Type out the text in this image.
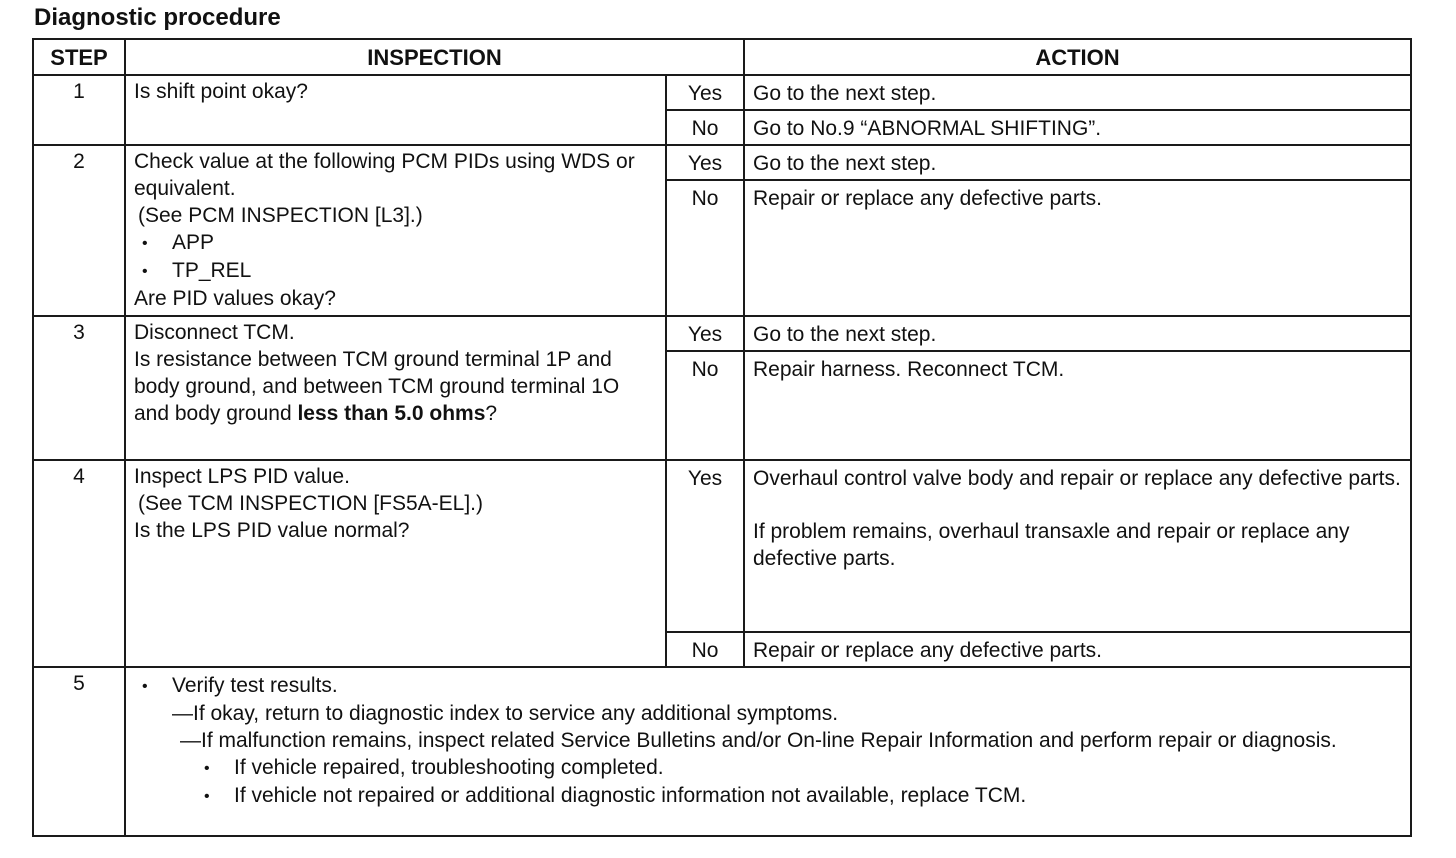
Diagnostic procedure
STEP	INSPECTION		ACTION
1	Is shift point okay?	Yes	Go to the next step.
		No	Go to No.9 “ABNORMAL SHIFTING”.
2	Check value at the following PCM PIDs using WDS or equivalent.
(See PCM INSPECTION [L3].)
• APP
• TP_REL
Are PID values okay?	Yes	Go to the next step.
		No	Repair or replace any defective parts.
3	Disconnect TCM.
Is resistance between TCM ground terminal 1P and body ground, and between TCM ground terminal 1O and body ground less than 5.0 ohms?	Yes	Go to the next step.
		No	Repair harness. Reconnect TCM.
4	Inspect LPS PID value.
(See TCM INSPECTION [FS5A-EL].)
Is the LPS PID value normal?	Yes	Overhaul control valve body and repair or replace any defective parts.
If problem remains, overhaul transaxle and repair or replace any defective parts.

		No	Repair or replace any defective parts.
5	• Verify test results.
— If okay, return to diagnostic index to service any additional symptoms.
— If malfunction remains, inspect related Service Bulletins and/or On-line Repair Information and perform repair or diagnosis.
• If vehicle repaired, troubleshooting completed.
• If vehicle not repaired or additional diagnostic information not available, replace TCM.
